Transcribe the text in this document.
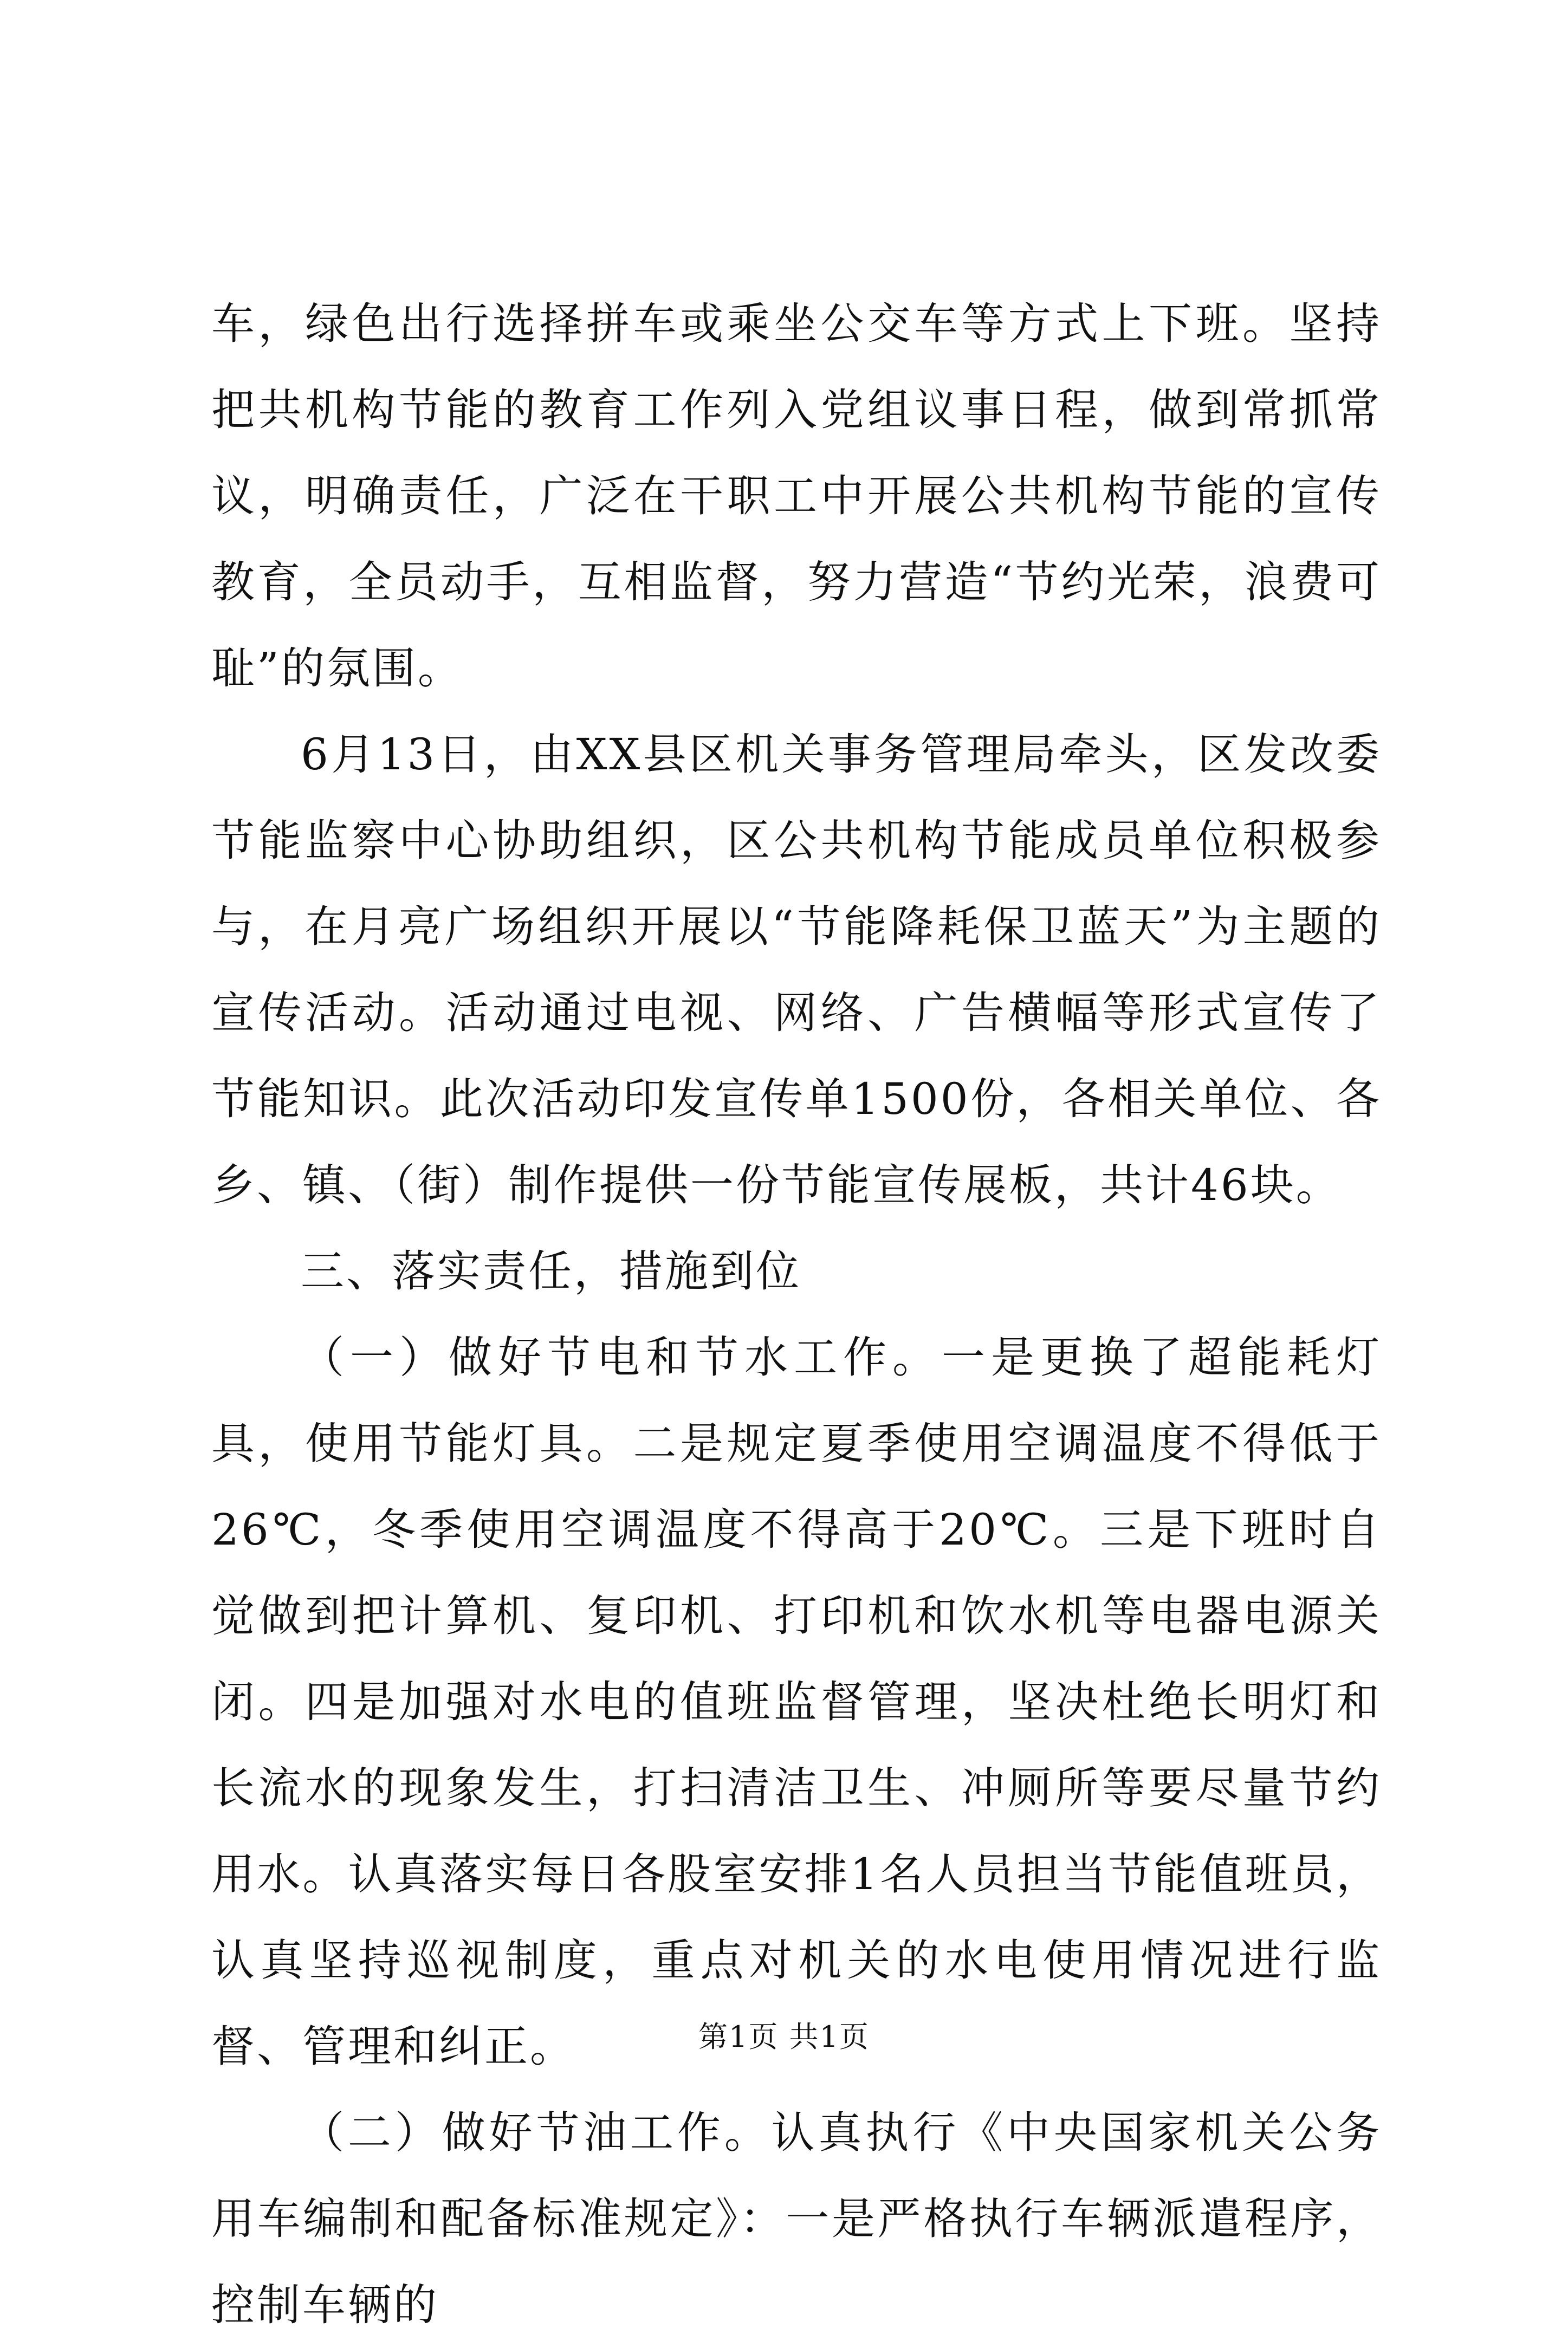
车，绿色出行选择拼车或乘坐公交车等方式上下班。坚持把共机构节能的教育工作列入党组议事日程，做到常抓常议，明确责任，广泛在干职工中开展公共机构节能的宣传教育，全员动手，互相监督，努力营造“节约光荣，浪费可耻”的氛围。

6月13日，由XX县区机关事务管理局牵头，区发改委节能监察中心协助组织，区公共机构节能成员单位积极参与，在月亮广场组织开展以“节能降耗保卫蓝天”为主题的宣传活动。活动通过电视、网络、广告横幅等形式宣传了节能知识。此次活动印发宣传单1500份，各相关单位、各乡、镇、（街）制作提供一份节能宣传展板，共计46块。

三、落实责任，措施到位

（一）做好节电和节水工作。一是更换了超能耗灯具，使用节能灯具。二是规定夏季使用空调温度不得低于26℃，冬季使用空调温度不得高于20℃。三是下班时自觉做到把计算机、复印机、打印机和饮水机等电器电源关闭。四是加强对水电的值班监督管理，坚决杜绝长明灯和长流水的现象发生，打扫清洁卫生、冲厕所等要尽量节约用水。认真落实每日各股室安排1名人员担当节能值班员，认真坚持巡视制度，重点对机关的水电使用情况进行监督、管理和纠正。

（二）做好节油工作。认真执行《中央国家机关公务用车编制和配备标准规定》：一是严格执行车辆派遣程序，控制车辆的

第1页 共1页
